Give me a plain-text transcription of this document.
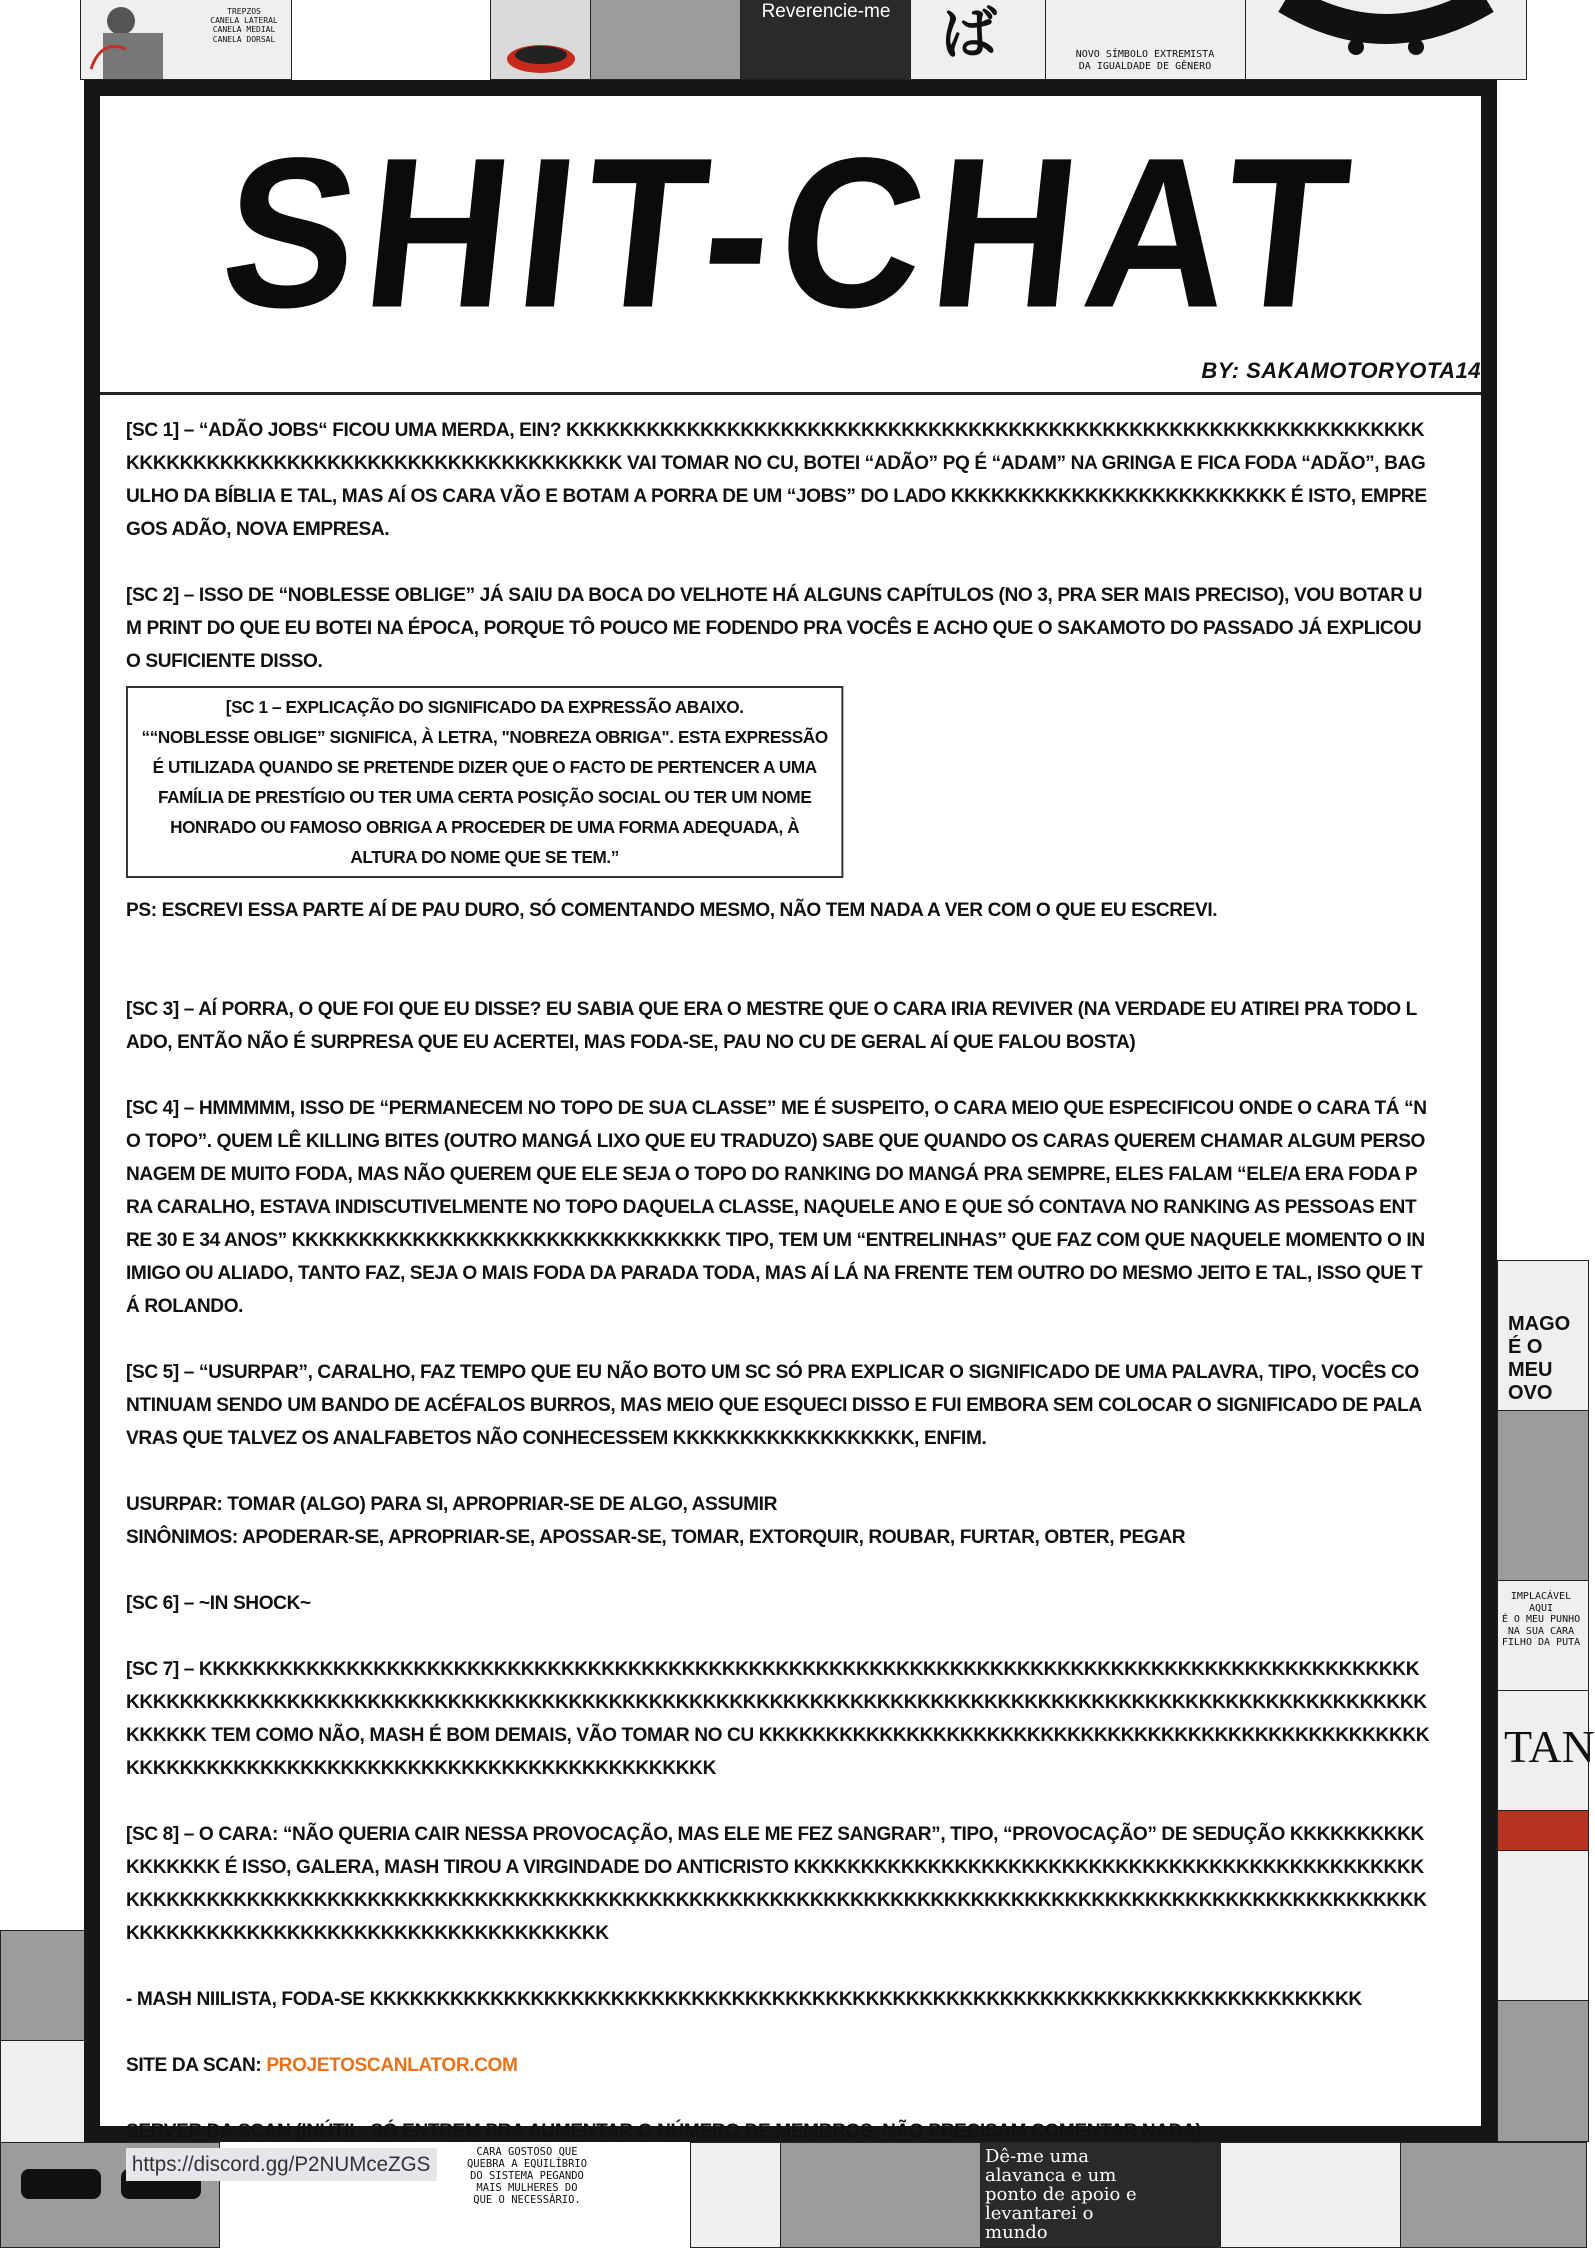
TREPZOS
CANELA LATERAL
CANELA MEDIAL
CANELA DORSAL
Reverencie-me ば	NOVO SÍMBOLO EXTREMISTA
DA IGUALDADE DE GÊNERO
MAGO É O
MEU OVO
IMPLACÁVEL AQUI
É O MEU PUNHO
NA SUA CARA
FILHO DA PUTA
TAN
CARA GOSTOSO QUE
QUEBRA A EQUILÍBRIO
DO SISTEMA PEGANDO
MAIS MULHERES DO
QUE O NECESSÁRIO.
Dê-me uma
alavanca e um
ponto de apoio e
levantarei o
mundo
SHIT-CHAT
BY: SAKAMOTORYOTA14

[SC 1] – “ADÃO JOBS“ FICOU UMA MERDA, EIN? KKKKKKKKKKKKKKKKKKKKKKKKKKKKKKKKKKKKKKKKKKKKKKKKKKKKKKKKKKKKKKKKKKKKKKKKKKKKKKKKKKKKKKKKKKKKKKKKKKKKK VAI TOMAR NO CU, BOTEI “ADÃO” PQ É “ADAM” NA GRINGA E FICA FODA “ADÃO”, BAGULHO DA BÍBLIA E TAL, MAS AÍ OS CARA VÃO E BOTAM A PORRA DE UM “JOBS” DO LADO KKKKKKKKKKKKKKKKKKKKKKKKK É ISTO, EMPREGOS ADÃO, NOVA EMPRESA.

[SC 2] – ISSO DE “NOBLESSE OBLIGE” JÁ SAIU DA BOCA DO VELHOTE HÁ ALGUNS CAPÍTULOS (NO 3, PRA SER MAIS PRECISO), VOU BOTAR UM PRINT DO QUE EU BOTEI NA ÉPOCA, PORQUE TÔ POUCO ME FODENDO PRA VOCÊS E ACHO QUE O SAKAMOTO DO PASSADO JÁ EXPLICOU O SUFICIENTE DISSO.

[SC 1 – EXPLICAÇÃO DO SIGNIFICADO DA EXPRESSÃO ABAIXO.
““NOBLESSE OBLIGE” SIGNIFICA, À LETRA, "NOBREZA OBRIGA". ESTA EXPRESSÃO É UTILIZADA QUANDO SE PRETENDE DIZER QUE O FACTO DE PERTENCER A UMA FAMÍLIA DE PRESTÍGIO OU TER UMA CERTA POSIÇÃO SOCIAL OU TER UM NOME HONRADO OU FAMOSO OBRIGA A PROCEDER DE UMA FORMA ADEQUADA, À ALTURA DO NOME QUE SE TEM.”

PS: ESCREVI ESSA PARTE AÍ DE PAU DURO, SÓ COMENTANDO MESMO, NÃO TEM NADA A VER COM O QUE EU ESCREVI.

[SC 3] – AÍ PORRA, O QUE FOI QUE EU DISSE? EU SABIA QUE ERA O MESTRE QUE O CARA IRIA REVIVER (NA VERDADE EU ATIREI PRA TODO LADO, ENTÃO NÃO É SURPRESA QUE EU ACERTEI, MAS FODA-SE, PAU NO CU DE GERAL AÍ QUE FALOU BOSTA)

[SC 4] – HMMMMM, ISSO DE “PERMANECEM NO TOPO DE SUA CLASSE” ME É SUSPEITO, O CARA MEIO QUE ESPECIFICOU ONDE O CARA TÁ “NO TOPO”. QUEM LÊ KILLING BITES (OUTRO MANGÁ LIXO QUE EU TRADUZO) SABE QUE QUANDO OS CARAS QUEREM CHAMAR ALGUM PERSONAGEM DE MUITO FODA, MAS NÃO QUEREM QUE ELE SEJA O TOPO DO RANKING DO MANGÁ PRA SEMPRE, ELES FALAM “ELE/A ERA FODA PRA CARALHO, ESTAVA INDISCUTIVELMENTE NO TOPO DAQUELA CLASSE, NAQUELE ANO E QUE SÓ CONTAVA NO RANKING AS PESSOAS ENTRE 30 E 34 ANOS” KKKKKKKKKKKKKKKKKKKKKKKKKKKKKKKK TIPO, TEM UM “ENTRELINHAS” QUE FAZ COM QUE NAQUELE MOMENTO O INIMIGO OU ALIADO, TANTO FAZ, SEJA O MAIS FODA DA PARADA TODA, MAS AÍ LÁ NA FRENTE TEM OUTRO DO MESMO JEITO E TAL, ISSO QUE TÁ ROLANDO.

[SC 5] – “USURPAR”, CARALHO, FAZ TEMPO QUE EU NÃO BOTO UM SC SÓ PRA EXPLICAR O SIGNIFICADO DE UMA PALAVRA, TIPO, VOCÊS CONTINUAM SENDO UM BANDO DE ACÉFALOS BURROS, MAS MEIO QUE ESQUECI DISSO E FUI EMBORA SEM COLOCAR O SIGNIFICADO DE PALAVRAS QUE TALVEZ OS ANALFABETOS NÃO CONHECESSEM KKKKKKKKKKKKKKKKKK, ENFIM.

USURPAR: TOMAR (ALGO) PARA SI, APROPRIAR-SE DE ALGO, ASSUMIR

SINÔNIMOS: APODERAR-SE, APROPRIAR-SE, APOSSAR-SE, TOMAR, EXTORQUIR, ROUBAR, FURTAR, OBTER, PEGAR

[SC 6] – ~IN SHOCK~

[SC 7] – KKKKKKKKKKKKKKKKKKKKKKKKKKKKKKKKKKKKKKKKKKKKKKKKKKKKKKKKKKKKKKKKKKKKKKKKKKKKKKKKKKKKKKKKKKKKKKKKKKKKKKKKKKKKKKKKKKKKKKKKKKKKKKKKKKKKKKKKKKKKKKKKKKKKKKKKKKKKKKKKKKKKKKKKKKKKKKKKKKKKKKKKKKKKKKKKKK TEM COMO NÃO, MASH É BOM DEMAIS, VÃO TOMAR NO CU KKKKKKKKKKKKKKKKKKKKKKKKKKKKKKKKKKKKKKKKKKKKKKKKKKKKKKKKKKKKKKKKKKKKKKKKKKKKKKKKKKKKKKKKKKKKKK

[SC 8] – O CARA: “NÃO QUERIA CAIR NESSA PROVOCAÇÃO, MAS ELE ME FEZ SANGRAR”, TIPO, “PROVOCAÇÃO” DE SEDUÇÃO KKKKKKKKKKKKKKKKK É ISSO, GALERA, MASH TIROU A VIRGINDADE DO ANTICRISTO KKKKKKKKKKKKKKKKKKKKKKKKKKKKKKKKKKKKKKKKKKKKKKKKKKKKKKKKKKKKKKKKKKKKKKKKKKKKKKKKKKKKKKKKKKKKKKKKKKKKKKKKKKKKKKKKKKKKKKKKKKKKKKKKKKKKKKKKKKKKKKKKKKKKKKKKKKKKKKKKKKKKKKKKKKKKKKKKKKKK

- MASH NIILISTA, FODA-SE KKKKKKKKKKKKKKKKKKKKKKKKKKKKKKKKKKKKKKKKKKKKKKKKKKKKKKKKKKKKKKKKKKKKKKKKKK

SITE DA SCAN: PROJETOSCANLATOR.COM

SERVER DA SCAN (INÚTIL, SÓ ENTREM PRA AUMENTAR O NÚMERO DE MEMBROS, NÃO PRECISAM COMENTAR NADA): https://discord.gg/P2NUMceZGS
